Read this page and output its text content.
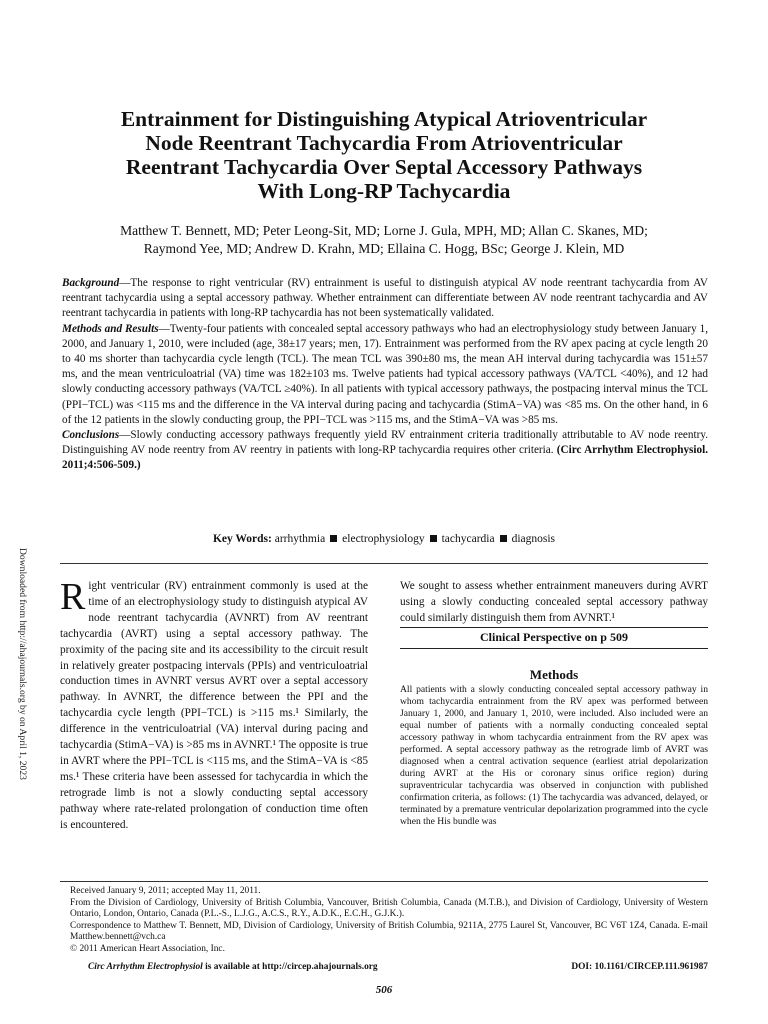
Downloaded from http://ahajournals.org by on April 1, 2023
Entrainment for Distinguishing Atypical Atrioventricular
Node Reentrant Tachycardia From Atrioventricular
Reentrant Tachycardia Over Septal Accessory Pathways
With Long-RP Tachycardia
Matthew T. Bennett, MD; Peter Leong-Sit, MD; Lorne J. Gula, MPH, MD; Allan C. Skanes, MD;
Raymond Yee, MD; Andrew D. Krahn, MD; Ellaina C. Hogg, BSc; George J. Klein, MD

Background—The response to right ventricular (RV) entrainment is useful to distinguish atypical AV node reentrant tachycardia from AV reentrant tachycardia using a septal accessory pathway. Whether entrainment can differentiate between AV node reentrant tachycardia and AV reentrant tachycardia in patients with long-RP tachycardia has not been systematically validated.

Methods and Results—Twenty-four patients with concealed septal accessory pathways who had an electrophysiology study between January 1, 2000, and January 1, 2010, were included (age, 38±17 years; men, 17). Entrainment was performed from the RV apex pacing at cycle length 20 to 40 ms shorter than tachycardia cycle length (TCL). The mean TCL was 390±80 ms, the mean AH interval during tachycardia was 151±57 ms, and the mean ventriculoatrial (VA) time was 182±103 ms. Twelve patients had typical accessory pathways (VA/TCL <40%), and 12 had slowly conducting accessory pathways (VA/TCL ≥40%). In all patients with typical accessory pathways, the postpacing interval minus the TCL (PPI−TCL) was <115 ms and the difference in the VA interval during pacing and tachycardia (StimA−VA) was <85 ms. On the other hand, in 6 of the 12 patients in the slowly conducting group, the PPI−TCL was >115 ms, and the StimA−VA was >85 ms.

Conclusions—Slowly conducting accessory pathways frequently yield RV entrainment criteria traditionally attributable to AV node reentry. Distinguishing AV node reentry from AV reentry in patients with long-RP tachycardia requires other criteria. (Circ Arrhythm Electrophysiol. 2011;4:506-509.)

Key Words: arrhythmia electrophysiology tachycardia diagnosis

Right ventricular (RV) entrainment commonly is used at the time of an electrophysiology study to distinguish atypical AV node reentrant tachycardia (AVNRT) from AV reentrant tachycardia (AVRT) using a septal accessory pathway. The proximity of the pacing site and its accessibility to the circuit result in relatively greater postpacing intervals (PPIs) and ventriculoatrial conduction times in AVNRT versus AVRT over a septal accessory pathway. In AVNRT, the difference between the PPI and the tachycardia cycle length (PPI−TCL) is >115 ms.¹ Similarly, the difference in the ventriculoatrial (VA) interval during pacing and tachycardia (StimA−VA) is >85 ms in AVNRT.¹ The opposite is true in AVRT where the PPI−TCL is <115 ms, and the StimA−VA is <85 ms.¹ These criteria have been assessed for tachycardia in which the retrograde limb is not a slowly conducting septal accessory pathway where rate-related prolongation of conduction time often is encountered.

We sought to assess whether entrainment maneuvers during AVRT using a slowly conducting concealed septal accessory pathway could similarly distinguish them from AVNRT.¹

Clinical Perspective on p 509
Methods

All patients with a slowly conducting concealed septal accessory pathway in whom tachycardia entrainment from the RV apex was performed between January 1, 2000, and January 1, 2010, were included. Also included were an equal number of patients with a normally conducting concealed septal accessory pathway in whom tachycardia entrainment from the RV apex was performed. A septal accessory pathway as the retrograde limb of AVRT was diagnosed when a central activation sequence (earliest atrial depolarization during AVRT at the His or coronary sinus orifice region) during supraventricular tachycardia was observed in conjunction with published confirmation criteria, as follows: (1) The tachycardia was advanced, delayed, or terminated by a premature ventricular depolarization programmed into the cycle when the His bundle was

Received January 9, 2011; accepted May 11, 2011.

From the Division of Cardiology, University of British Columbia, Vancouver, British Columbia, Canada (M.T.B.), and Division of Cardiology, University of Western Ontario, London, Ontario, Canada (P.L.-S., L.J.G., A.C.S., R.Y., A.D.K., E.C.H., G.J.K.).

Correspondence to Matthew T. Bennett, MD, Division of Cardiology, University of British Columbia, 9211A, 2775 Laurel St, Vancouver, BC V6T 1Z4, Canada. E-mail Matthew.bennett@vch.ca

© 2011 American Heart Association, Inc.

Circ Arrhythm Electrophysiol is available at http://circep.ahajournals.org	DOI: 10.1161/CIRCEP.111.961987
506
